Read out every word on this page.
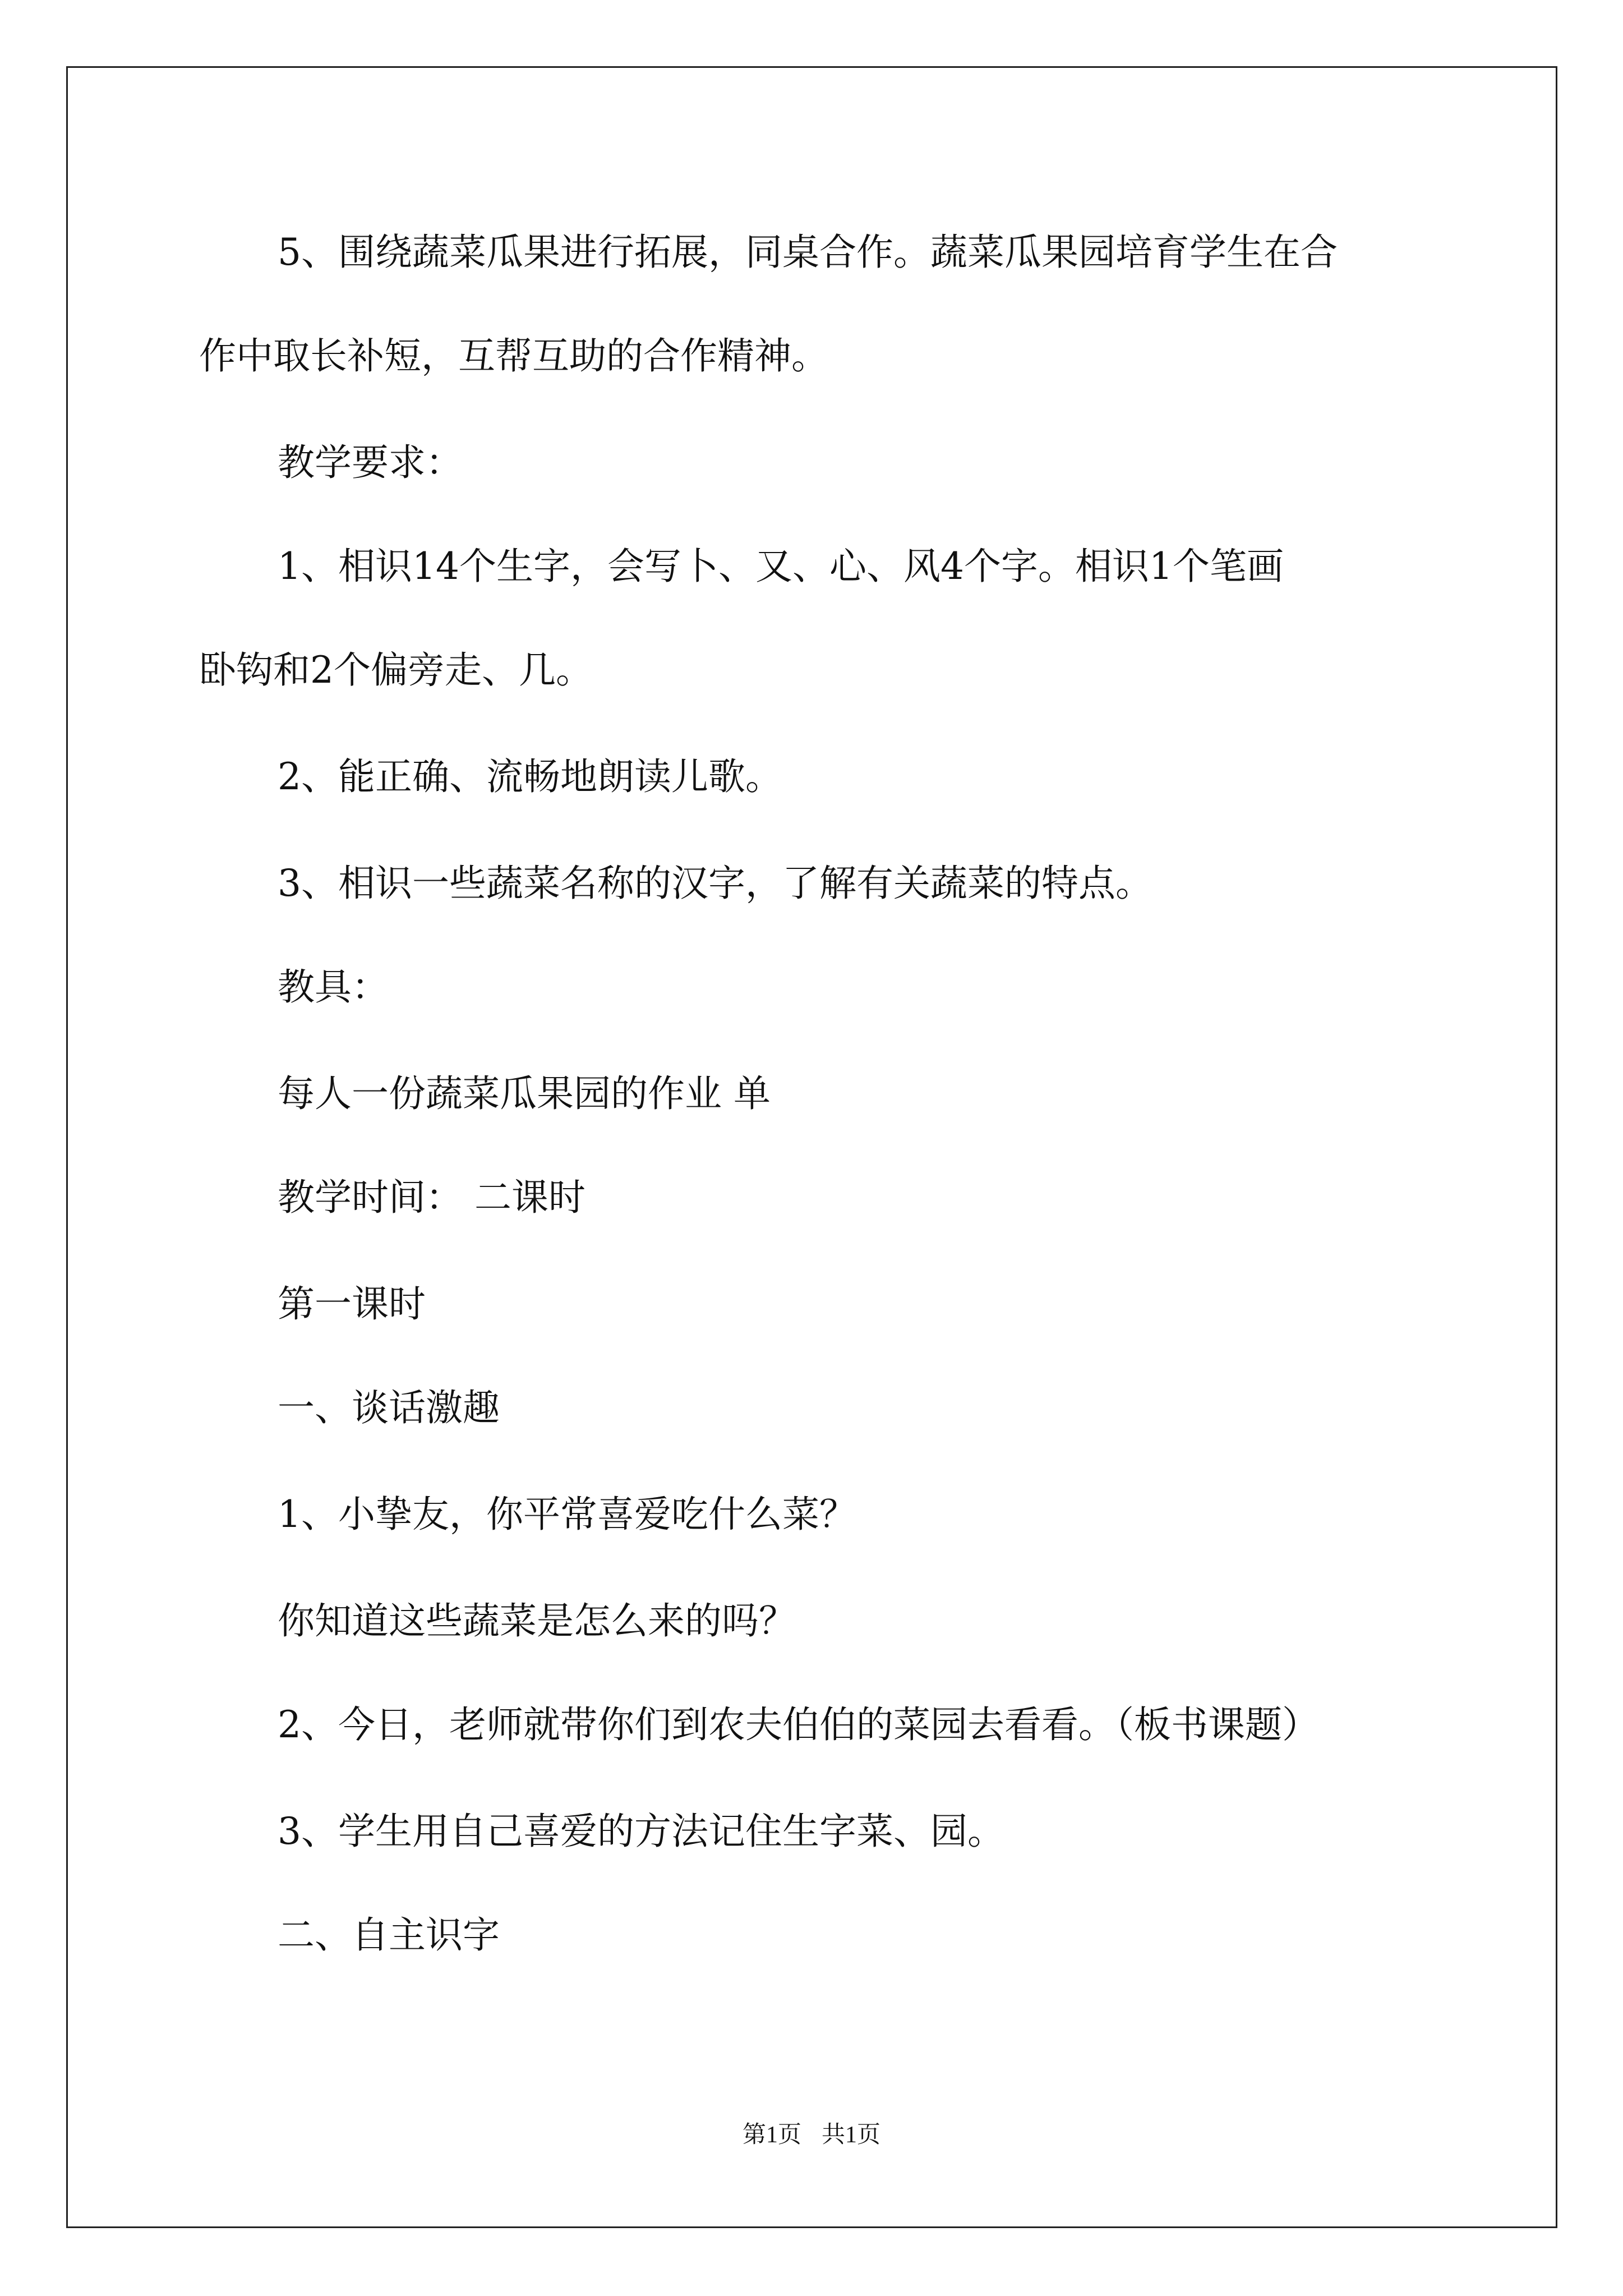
5、围绕蔬菜瓜果进行拓展，同桌合作。蔬菜瓜果园培育学生在合

作中取长补短，互帮互助的合作精神。

教学要求：

1、相识14个生字，会写卜、又、心、风4个字。相识1个笔画

卧钩和2个偏旁走、几。

2、能正确、流畅地朗读儿歌。

3、相识一些蔬菜名称的汉字，了解有关蔬菜的特点。

教具：

每人一份蔬菜瓜果园的作业 单

教学时间： 二课时

第一课时

一、谈话激趣

1、小挚友，你平常喜爱吃什么菜？

你知道这些蔬菜是怎么来的吗？

2、今日，老师就带你们到农夫伯伯的菜园去看看。（板书课题）

3、学生用自己喜爱的方法记住生字菜、园。

二、自主识字

第1页 共1页
